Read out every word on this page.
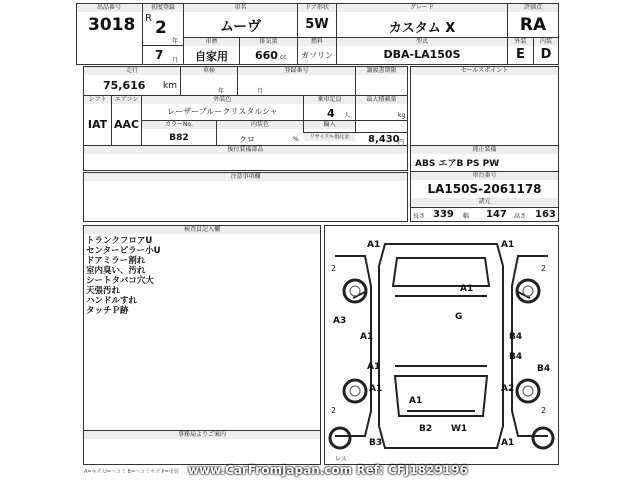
出品番号
3018
初度登録
R 2
年
7 月
車名
ムーヴ
ドア形状
5W
グレード
カスタム X
評価点
RA
車歴
自家用
排気量
660 cc
燃料
ガソリン
型式
DBA-LA150S
外装	内装
E	D
走行
75,616 km
車検
年	月
登録番号	譲渡書期限
シフト	エアコン
IAT AAC
外装色
レーザーブルークリスタルシャ
乗車定員
4 人
最大積載量
kg
カラーNo.	内装色
B82	クロ	%
輸入
リサイクル預託金	8,430
円
後付装備部品
セールスポイント
純正装備
ABS エアB PS PW
車台番号
LA150S-2061178
諸元
長さ 339 幅 147 高さ 163
注意事項欄
検査員記入欄
トランクフロアU
センターピラー小U
ドアミラー割れ
室内臭い、汚れ
シートタバコ穴大
天張汚れ
ハンドルすれ
タッチＰ跡
事務局よりご案内
A1	A1
A1
G
A3
A1	B4
B4
B4
A1
A1	A2
A1
B3
B2 W1
A1
2	2
2	2
レス
A=キズ U=ヘコミ B=ヘコミキズ P=塗装 www.CarFromJapan.com Ref: CFJ1829196
